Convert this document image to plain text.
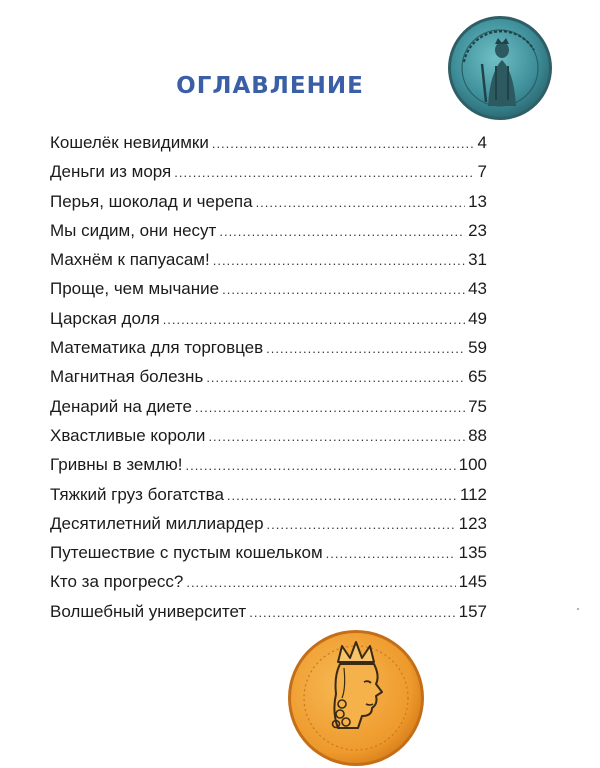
ОГЛАВЛЕНИЕ
Кошелёк невидимки .....	4
Деньги из моря .....	7
Перья, шоколад и черепа .....	13
Мы сидим, они несут .....	23
Махнём к папуасам! .....	31
Проще, чем мычание .....	43
Царская доля .....	49
Математика для торговцев .....	59
Магнитная болезнь .....	65
Денарий на диете .....	75
Хвастливые короли .....	88
Гривны в землю! .....	100
Тяжкий груз богатства .....	112
Десятилетний миллиардер .....	123
Путешествие с пустым кошельком .....	135
Кто за прогресс? .....	145
Волшебный университет .....	157
